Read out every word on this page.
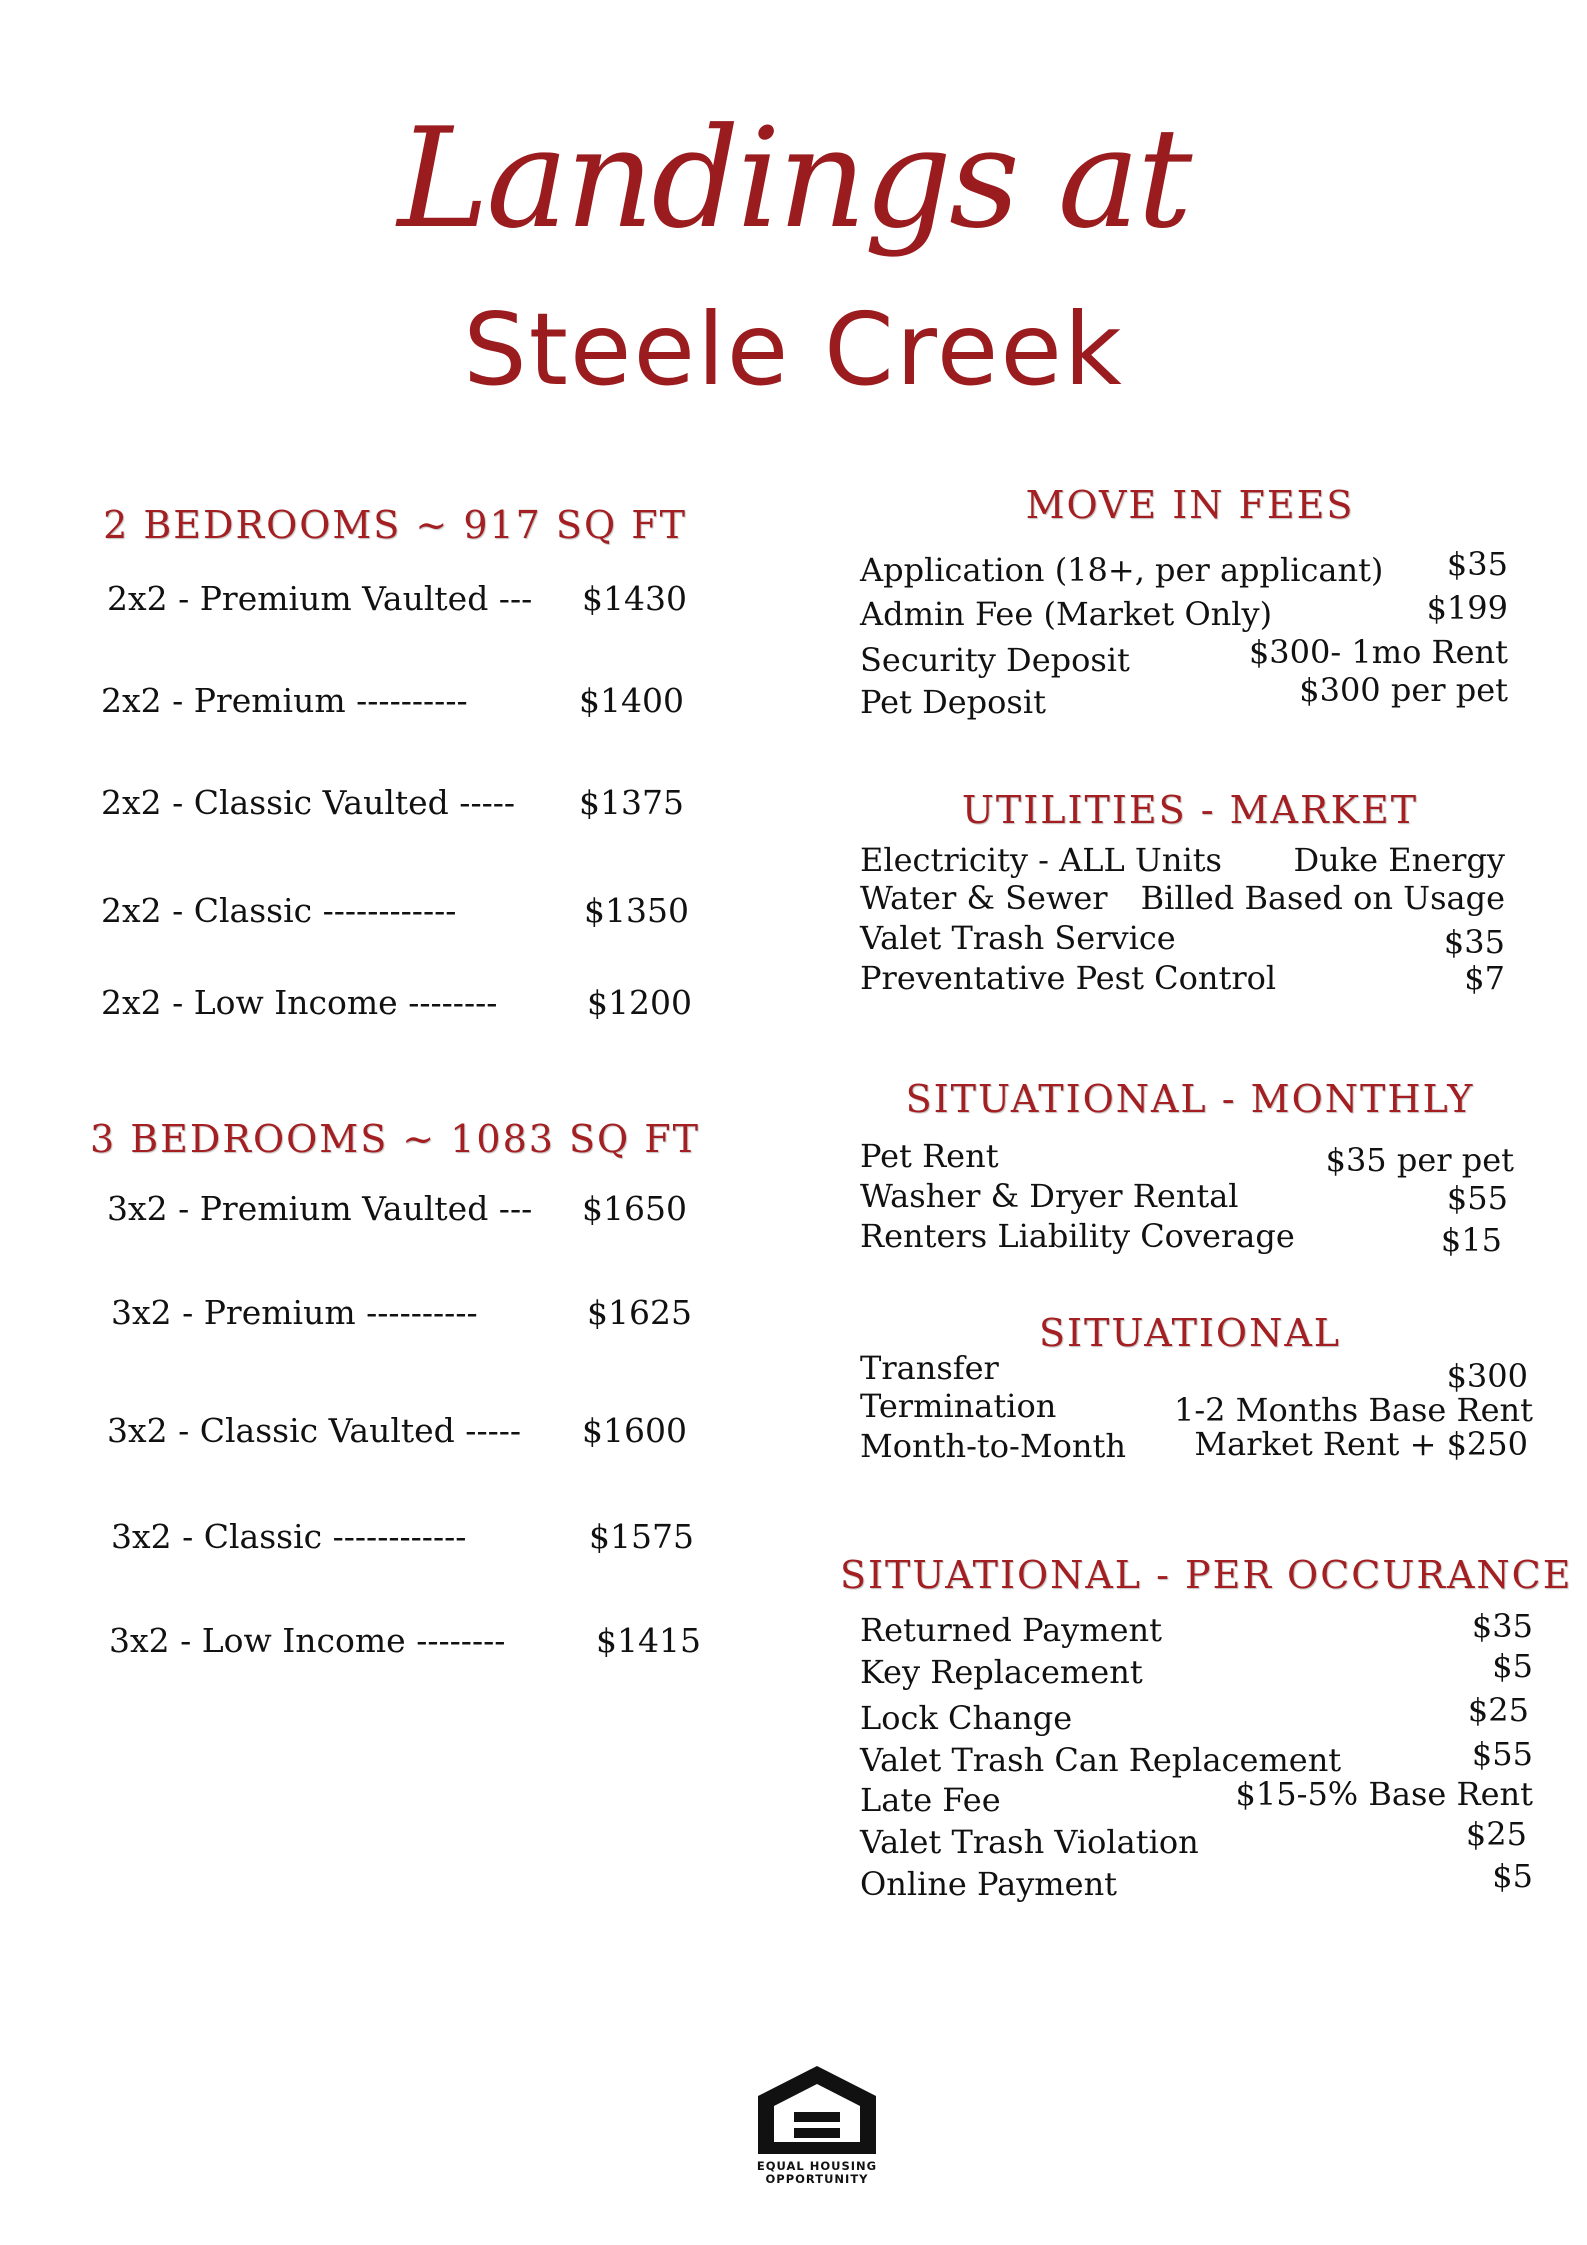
Landings at
Steele Creek
2 BEDROOMS ~ 917 SQ FT
2x2 - Premium Vaulted --- $1430
2x2 - Premium ----------	$1400
2x2 - Classic Vaulted ----- $1375
2x2 - Classic ------------	$1350
2x2 - Low Income --------	$1200
3 BEDROOMS ~ 1083 SQ FT
3x2 - Premium Vaulted --- $1650
3x2 - Premium ----------	$1625
3x2 - Classic Vaulted ----- $1600
3x2 - Classic ------------	$1575
3x2 - Low Income --------	$1415
MOVE IN FEES
Application (18+, per applicant) $35
Admin Fee (Market Only)	$199
Security Deposit	$300- 1mo Rent
Pet Deposit	$300 per pet
UTILITIES - MARKET
Electricity - ALL Units Duke Energy
Water & Sewer Billed Based on Usage
Valet Trash Service	$35
Preventative Pest Control	$7
SITUATIONAL - MONTHLY
Pet Rent	$35 per pet
Washer & Dryer Rental	$55
Renters Liability Coverage	$15
SITUATIONAL
Transfer	$300
Termination	1-2 Months Base Rent
Month-to-Month Market Rent + $250
SITUATIONAL - PER OCCURANCE
Returned Payment	$35
Key Replacement	$5
Lock Change	$25
Valet Trash Can Replacement	$55
Late Fee	$15-5% Base Rent
Valet Trash Violation	$25
Online Payment	$5
EQUAL HOUSING
OPPORTUNITY
